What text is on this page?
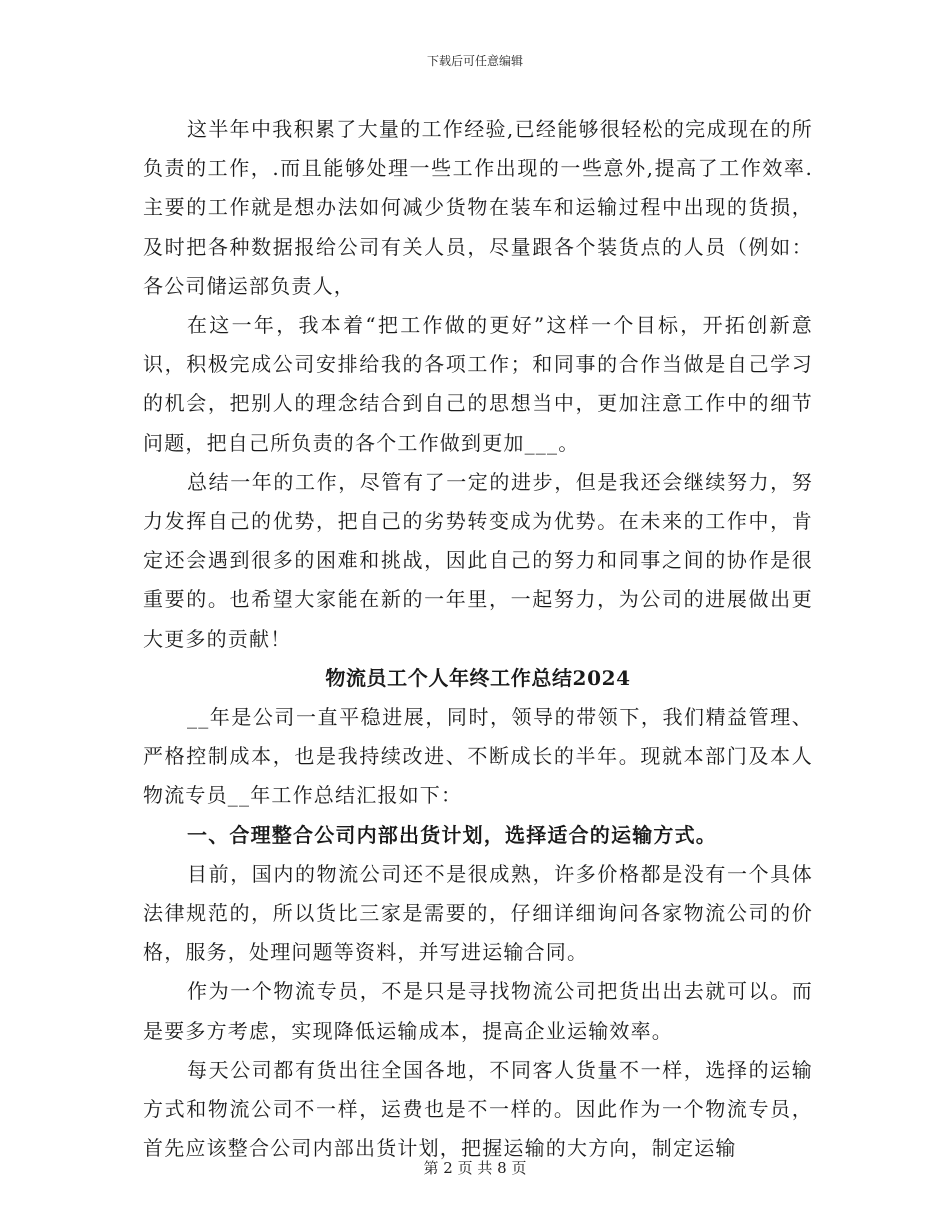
下载后可任意编辑

这半年中我积累了大量的工作经验,已经能够很轻松的完成现在的所负责的工作，.而且能够处理一些工作出现的一些意外,提高了工作效率.主要的工作就是想办法如何减少货物在装车和运输过程中出现的货损，及时把各种数据报给公司有关人员，尽量跟各个装货点的人员（例如：各公司储运部负责人，

在这一年，我本着“把工作做的更好”这样一个目标，开拓创新意识，积极完成公司安排给我的各项工作；和同事的合作当做是自己学习的机会，把别人的理念结合到自己的思想当中，更加注意工作中的细节问题，把自己所负责的各个工作做到更加___。

总结一年的工作，尽管有了一定的进步，但是我还会继续努力，努力发挥自己的优势，把自己的劣势转变成为优势。在未来的工作中，肯定还会遇到很多的困难和挑战，因此自己的努力和同事之间的协作是很重要的。也希望大家能在新的一年里，一起努力，为公司的进展做出更大更多的贡献！

物流员工个人年终工作总结2024

__年是公司一直平稳进展，同时，领导的带领下，我们精益管理、严格控制成本，也是我持续改进、不断成长的半年。现就本部门及本人物流专员__年工作总结汇报如下：

一、合理整合公司内部出货计划，选择适合的运输方式。

目前，国内的物流公司还不是很成熟，许多价格都是没有一个具体法律规范的，所以货比三家是需要的，仔细详细询问各家物流公司的价格，服务，处理问题等资料，并写进运输合同。

作为一个物流专员，不是只是寻找物流公司把货出出去就可以。而是要多方考虑，实现降低运输成本，提高企业运输效率。

每天公司都有货出往全国各地，不同客人货量不一样，选择的运输方式和物流公司不一样，运费也是不一样的。因此作为一个物流专员，首先应该整合公司内部出货计划，把握运输的大方向，制定运输

第 2 页 共 8 页
